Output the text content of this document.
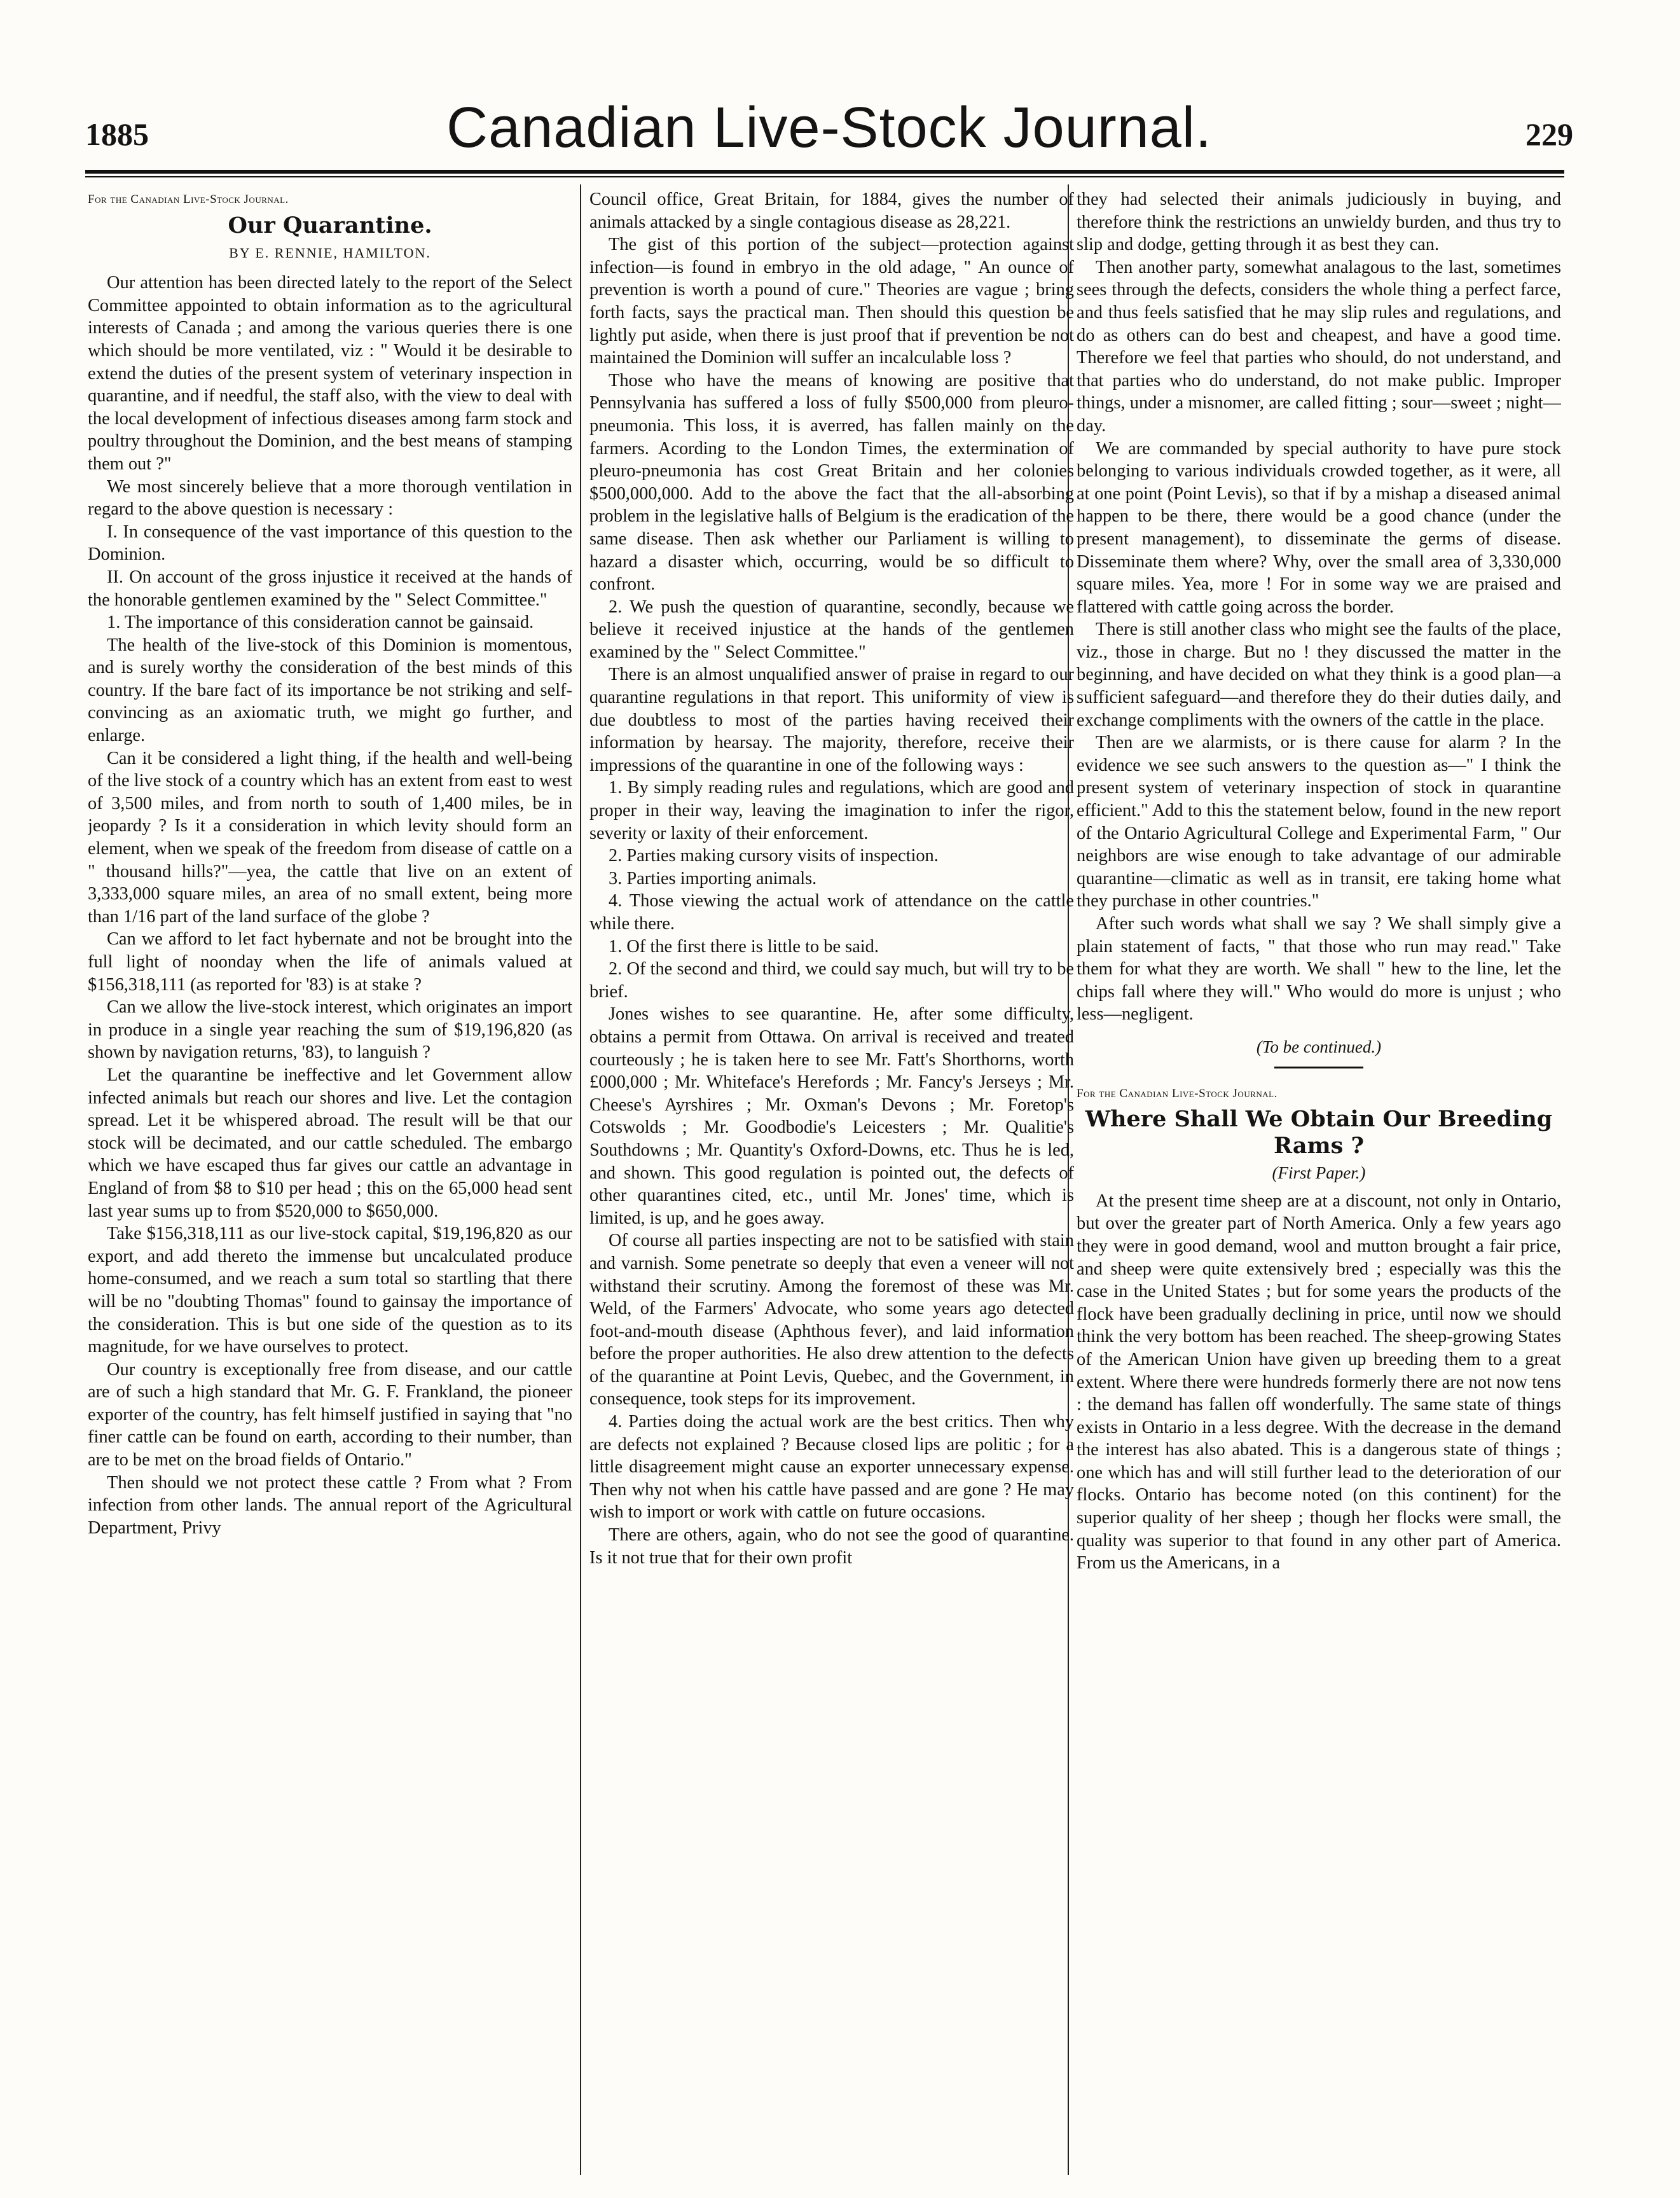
1885	Canadian Live-Stock Journal.	229

For the Canadian Live-Stock Journal.

Our Quarantine.
BY E. RENNIE, HAMILTON.

Our attention has been directed lately to the report of the Select Committee appointed to obtain information as to the agricultural interests of Canada ; and among the various queries there is one which should be more ventilated, viz : " Would it be desirable to extend the duties of the present system of veterinary inspection in quarantine, and if needful, the staff also, with the view to deal with the local development of infectious diseases among farm stock and poultry throughout the Dominion, and the best means of stamping them out ?"

We most sincerely believe that a more thorough ventilation in regard to the above question is necessary :

I. In consequence of the vast importance of this question to the Dominion.

II. On account of the gross injustice it received at the hands of the honorable gentlemen examined by the " Select Committee."

1. The importance of this consideration cannot be gainsaid.

The health of the live-stock of this Dominion is momentous, and is surely worthy the consideration of the best minds of this country. If the bare fact of its importance be not striking and self-convincing as an axiomatic truth, we might go further, and enlarge.

Can it be considered a light thing, if the health and well-being of the live stock of a country which has an extent from east to west of 3,500 miles, and from north to south of 1,400 miles, be in jeopardy ? Is it a consideration in which levity should form an element, when we speak of the freedom from disease of cattle on a " thousand hills?"—yea, the cattle that live on an extent of 3,333,000 square miles, an area of no small extent, being more than 1/16 part of the land surface of the globe ?

Can we afford to let fact hybernate and not be brought into the full light of noonday when the life of animals valued at $156,318,111 (as reported for '83) is at stake ?

Can we allow the live-stock interest, which originates an import in produce in a single year reaching the sum of $19,196,820 (as shown by navigation returns, '83), to languish ?

Let the quarantine be ineffective and let Government allow infected animals but reach our shores and live. Let the contagion spread. Let it be whispered abroad. The result will be that our stock will be decimated, and our cattle scheduled. The embargo which we have escaped thus far gives our cattle an advantage in England of from $8 to $10 per head ; this on the 65,000 head sent last year sums up to from $520,000 to $650,000.

Take $156,318,111 as our live-stock capital, $19,196,820 as our export, and add thereto the immense but uncalculated produce home-consumed, and we reach a sum total so startling that there will be no "doubting Thomas" found to gainsay the importance of the consideration. This is but one side of the question as to its magnitude, for we have ourselves to protect.

Our country is exceptionally free from disease, and our cattle are of such a high standard that Mr. G. F. Frankland, the pioneer exporter of the country, has felt himself justified in saying that "no finer cattle can be found on earth, according to their number, than are to be met on the broad fields of Ontario."

Then should we not protect these cattle ? From what ? From infection from other lands. The annual report of the Agricultural Department, Privy

Council office, Great Britain, for 1884, gives the number of animals attacked by a single contagious disease as 28,221.

The gist of this portion of the subject—protection against infection—is found in embryo in the old adage, " An ounce of prevention is worth a pound of cure." Theories are vague ; bring forth facts, says the practical man. Then should this question be lightly put aside, when there is just proof that if prevention be not maintained the Dominion will suffer an incalculable loss ?

Those who have the means of knowing are positive that Pennsylvania has suffered a loss of fully $500,000 from pleuro-pneumonia. This loss, it is averred, has fallen mainly on the farmers. Acording to the London Times, the extermination of pleuro-pneumonia has cost Great Britain and her colonies $500,000,000. Add to the above the fact that the all-absorbing problem in the legislative halls of Belgium is the eradication of the same disease. Then ask whether our Parliament is willing to hazard a disaster which, occurring, would be so difficult to confront.

2. We push the question of quarantine, secondly, because we believe it received injustice at the hands of the gentlemen examined by the " Select Committee."

There is an almost unqualified answer of praise in regard to our quarantine regulations in that report. This uniformity of view is due doubtless to most of the parties having received their information by hearsay. The majority, therefore, receive their impressions of the quarantine in one of the following ways :

1. By simply reading rules and regulations, which are good and proper in their way, leaving the imagination to infer the rigor, severity or laxity of their enforcement.

2. Parties making cursory visits of inspection.

3. Parties importing animals.

4. Those viewing the actual work of attendance on the cattle while there.

1. Of the first there is little to be said.

2. Of the second and third, we could say much, but will try to be brief.

Jones wishes to see quarantine. He, after some difficulty, obtains a permit from Ottawa. On arrival is received and treated courteously ; he is taken here to see Mr. Fatt's Shorthorns, worth £000,000 ; Mr. Whiteface's Herefords ; Mr. Fancy's Jerseys ; Mr. Cheese's Ayrshires ; Mr. Oxman's Devons ; Mr. Foretop's Cotswolds ; Mr. Goodbodie's Leicesters ; Mr. Qualitie's Southdowns ; Mr. Quantity's Oxford-Downs, etc. Thus he is led, and shown. This good regulation is pointed out, the defects of other quarantines cited, etc., until Mr. Jones' time, which is limited, is up, and he goes away.

Of course all parties inspecting are not to be satisfied with stain and varnish. Some penetrate so deeply that even a veneer will not withstand their scrutiny. Among the foremost of these was Mr. Weld, of the Farmers' Advocate, who some years ago detected foot-and-mouth disease (Aphthous fever), and laid information before the proper authorities. He also drew attention to the defects of the quarantine at Point Levis, Quebec, and the Government, in consequence, took steps for its improvement.

4. Parties doing the actual work are the best critics. Then why are defects not explained ? Because closed lips are politic ; for a little disagreement might cause an exporter unnecessary expense. Then why not when his cattle have passed and are gone ? He may wish to import or work with cattle on future occasions.

There are others, again, who do not see the good of quarantine. Is it not true that for their own profit

they had selected their animals judiciously in buying, and therefore think the restrictions an unwieldy burden, and thus try to slip and dodge, getting through it as best they can.

Then another party, somewhat analagous to the last, sometimes sees through the defects, considers the whole thing a perfect farce, and thus feels satisfied that he may slip rules and regulations, and do as others can do best and cheapest, and have a good time. Therefore we feel that parties who should, do not understand, and that parties who do understand, do not make public. Improper things, under a misnomer, are called fitting ; sour—sweet ; night—day.

We are commanded by special authority to have pure stock belonging to various individuals crowded together, as it were, all at one point (Point Levis), so that if by a mishap a diseased animal happen to be there, there would be a good chance (under the present management), to disseminate the germs of disease. Disseminate them where? Why, over the small area of 3,330,000 square miles. Yea, more ! For in some way we are praised and flattered with cattle going across the border.

There is still another class who might see the faults of the place, viz., those in charge. But no ! they discussed the matter in the beginning, and have decided on what they think is a good plan—a sufficient safeguard—and therefore they do their duties daily, and exchange compliments with the owners of the cattle in the place.

Then are we alarmists, or is there cause for alarm ? In the evidence we see such answers to the question as—" I think the present system of veterinary inspection of stock in quarantine efficient." Add to this the statement below, found in the new report of the Ontario Agricultural College and Experimental Farm, " Our neighbors are wise enough to take advantage of our admirable quarantine—climatic as well as in transit, ere taking home what they purchase in other countries."

After such words what shall we say ? We shall simply give a plain statement of facts, " that those who run may read." Take them for what they are worth. We shall " hew to the line, let the chips fall where they will." Who would do more is unjust ; who less—negligent.

(To be continued.)

For the Canadian Live-Stock Journal.

Where Shall We Obtain Our Breeding Rams ?
(First Paper.)

At the present time sheep are at a discount, not only in Ontario, but over the greater part of North America. Only a few years ago they were in good demand, wool and mutton brought a fair price, and sheep were quite extensively bred ; especially was this the case in the United States ; but for some years the products of the flock have been gradually declining in price, until now we should think the very bottom has been reached. The sheep-growing States of the American Union have given up breeding them to a great extent. Where there were hundreds formerly there are not now tens : the demand has fallen off wonderfully. The same state of things exists in Ontario in a less degree. With the decrease in the demand the interest has also abated. This is a dangerous state of things ; one which has and will still further lead to the deterioration of our flocks. Ontario has become noted (on this continent) for the superior quality of her sheep ; though her flocks were small, the quality was superior to that found in any other part of America. From us the Americans, in a
